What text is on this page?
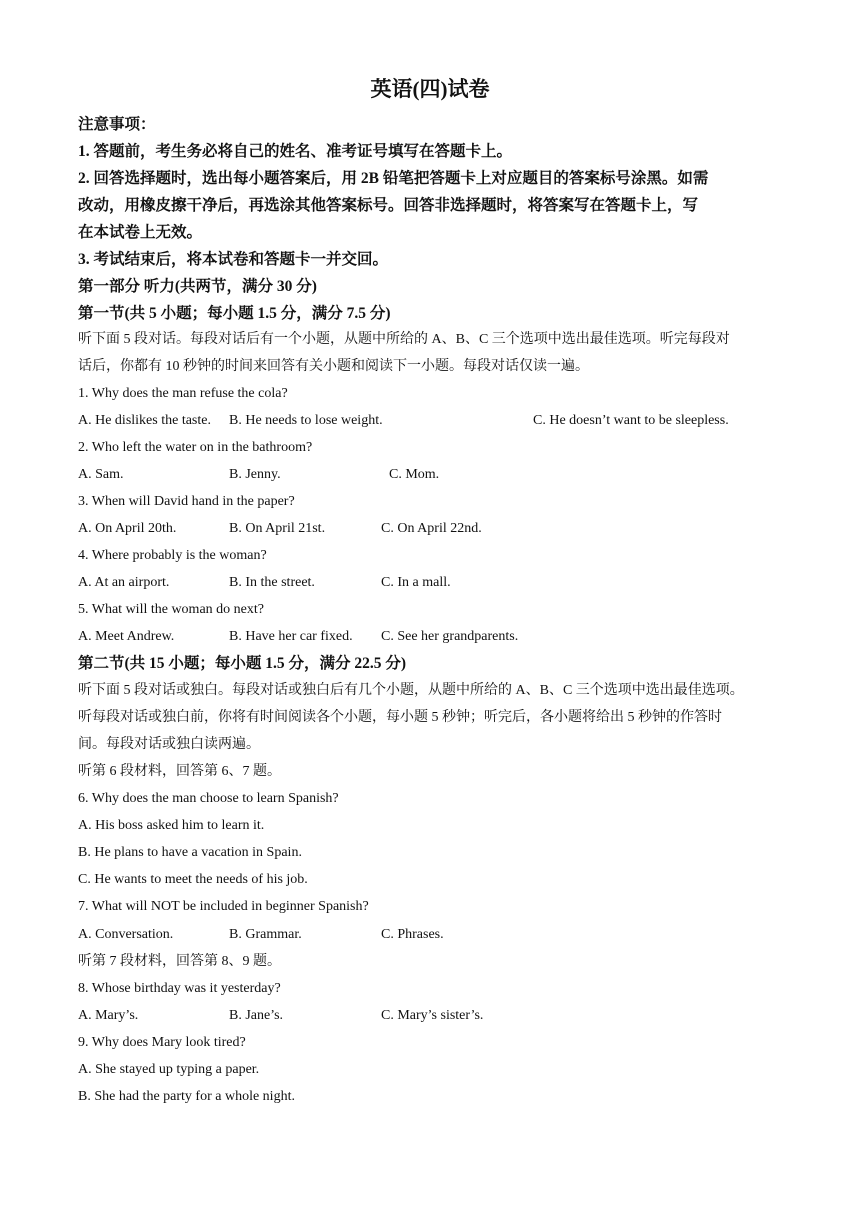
英语(四)试卷
注意事项：
1. 答题前，考生务必将自己的姓名、准考证号填写在答题卡上。
2. 回答选择题时，选出每小题答案后，用 2B 铅笔把答题卡上对应题目的答案标号涂黑。如需
改动，用橡皮擦干净后，再选涂其他答案标号。回答非选择题时，将答案写在答题卡上，写
在本试卷上无效。
3. 考试结束后，将本试卷和答题卡一并交回。
第一部分 听力(共两节，满分 30 分)
第一节(共 5 小题；每小题 1.5 分，满分 7.5 分)
听下面 5 段对话。每段对话后有一个小题，从题中所给的 A、B、C 三个选项中选出最佳选项。听完每段对
话后，你都有 10 秒钟的时间来回答有关小题和阅读下一小题。每段对话仅读一遍。
1. Why does the man refuse the cola?
A. He dislikes the taste. B. He needs to lose weight.	C. He doesn’t want to be sleepless.
2. Who left the water on in the bathroom?
A. Sam.	B. Jenny.	C. Mom.
3. When will David hand in the paper?
A. On April 20th.	B. On April 21st.	C. On April 22nd.
4. Where probably is the woman?
A. At an airport.	B. In the street.	C. In a mall.
5. What will the woman do next?
A. Meet Andrew.	B. Have her car fixed. C. See her grandparents.
第二节(共 15 小题；每小题 1.5 分，满分 22.5 分)
听下面 5 段对话或独白。每段对话或独白后有几个小题，从题中所给的 A、B、C 三个选项中选出最佳选项。
听每段对话或独白前，你将有时间阅读各个小题，每小题 5 秒钟；听完后，各小题将给出 5 秒钟的作答时
间。每段对话或独白读两遍。
听第 6 段材料，回答第 6、7 题。
6. Why does the man choose to learn Spanish?
A. His boss asked him to learn it.
B. He plans to have a vacation in Spain.
C. He wants to meet the needs of his job.
7. What will NOT be included in beginner Spanish?
A. Conversation.	B. Grammar.	C. Phrases.
听第 7 段材料，回答第 8、9 题。
8. Whose birthday was it yesterday?
A. Mary’s.	B. Jane’s.	C. Mary’s sister’s.
9. Why does Mary look tired?
A. She stayed up typing a paper.
B. She had the party for a whole night.
